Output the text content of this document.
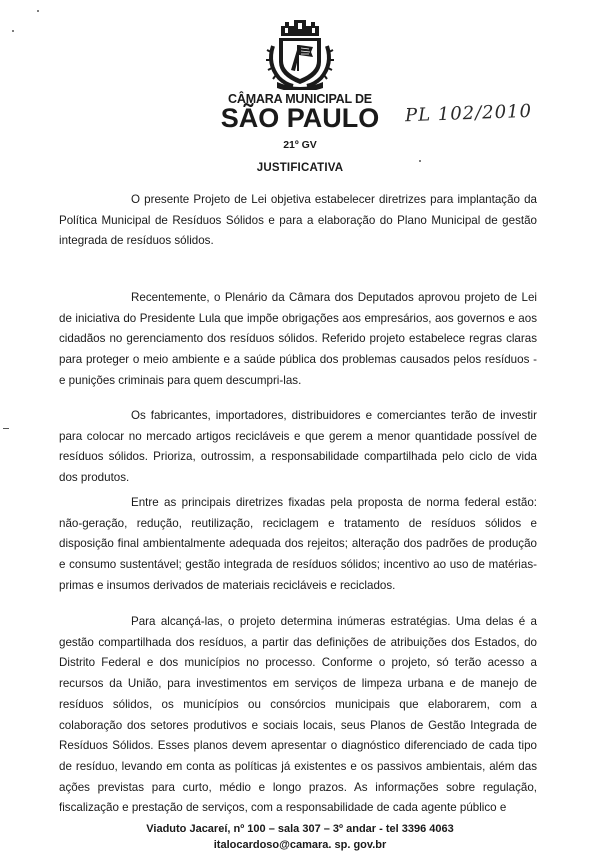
CÂMARA MUNICIPAL DE
SÃO PAULO	PL 102/2010
21º GV
JUSTIFICATIVA

O presente Projeto de Lei objetiva estabelecer diretrizes para implantação da Política Municipal de Resíduos Sólidos e para a elaboração do Plano Municipal de gestão integrada de resíduos sólidos.

Recentemente, o Plenário da Câmara dos Deputados aprovou projeto de Lei de iniciativa do Presidente Lula que impõe obrigações aos empresários, aos governos e aos cidadãos no gerenciamento dos resíduos sólidos. Referido projeto estabelece regras claras para proteger o meio ambiente e a saúde pública dos problemas causados pelos resíduos - e punições criminais para quem descumpri-las.

Os fabricantes, importadores, distribuidores e comerciantes terão de investir para colocar no mercado artigos recicláveis e que gerem a menor quantidade possível de resíduos sólidos. Prioriza, outrossim, a responsabilidade compartilhada pelo ciclo de vida dos produtos.

Entre as principais diretrizes fixadas pela proposta de norma federal estão: não-geração, redução, reutilização, reciclagem e tratamento de resíduos sólidos e disposição final ambientalmente adequada dos rejeitos; alteração dos padrões de produção e consumo sustentável; gestão integrada de resíduos sólidos; incentivo ao uso de matérias-primas e insumos derivados de materiais recicláveis e reciclados.

Para alcançá-las, o projeto determina inúmeras estratégias. Uma delas é a gestão compartilhada dos resíduos, a partir das definições de atribuições dos Estados, do Distrito Federal e dos municípios no processo. Conforme o projeto, só terão acesso a recursos da União, para investimentos em serviços de limpeza urbana e de manejo de resíduos sólidos, os municípios ou consórcios municipais que elaborarem, com a colaboração dos setores produtivos e sociais locais, seus Planos de Gestão Integrada de Resíduos Sólidos. Esses planos devem apresentar o diagnóstico diferenciado de cada tipo de resíduo, levando em conta as políticas já existentes e os passivos ambientais, além das ações previstas para curto, médio e longo prazos. As informações sobre regulação, fiscalização e prestação de serviços, com a responsabilidade de cada agente público e

Viaduto Jacareí, nº 100 – sala 307 – 3º andar - tel 3396 4063
italocardoso@camara. sp. gov.br
